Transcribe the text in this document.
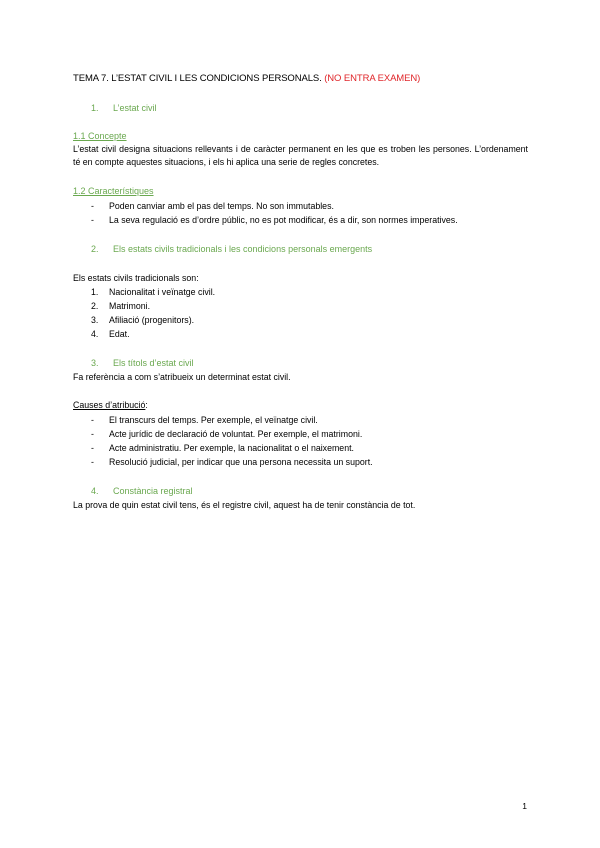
TEMA 7. L’ESTAT CIVIL I LES CONDICIONS PERSONALS. (NO ENTRA EXAMEN)
1. L’estat civil
1.1 Concepte
L’estat civil designa situacions rellevants i de caràcter permanent en les que es troben les persones. L’ordenament té en compte aquestes situacions, i els hi aplica una serie de regles concretes.
1.2 Característiques
- Poden canviar amb el pas del temps. No son immutables.
- La seva regulació es d’ordre públic, no es pot modificar, és a dir, son normes imperatives.
2. Els estats civils tradicionals i les condicions personals emergents
Els estats civils tradicionals son:
1. Nacionalitat i veïnatge civil.
2. Matrimoni.
3. Afiliació (progenitors).
4. Edat.
3. Els títols d’estat civil
Fa referència a com s’atribueix un determinat estat civil.
Causes d’atribució:
- El transcurs del temps. Per exemple, el veïnatge civil.
- Acte jurídic de declaració de voluntat. Per exemple, el matrimoni.
- Acte administratiu. Per exemple, la nacionalitat o el naixement.
- Resolució judicial, per indicar que una persona necessita un suport.
4. Constància registral
La prova de quin estat civil tens, és el registre civil, aquest ha de tenir constància de tot.
1
